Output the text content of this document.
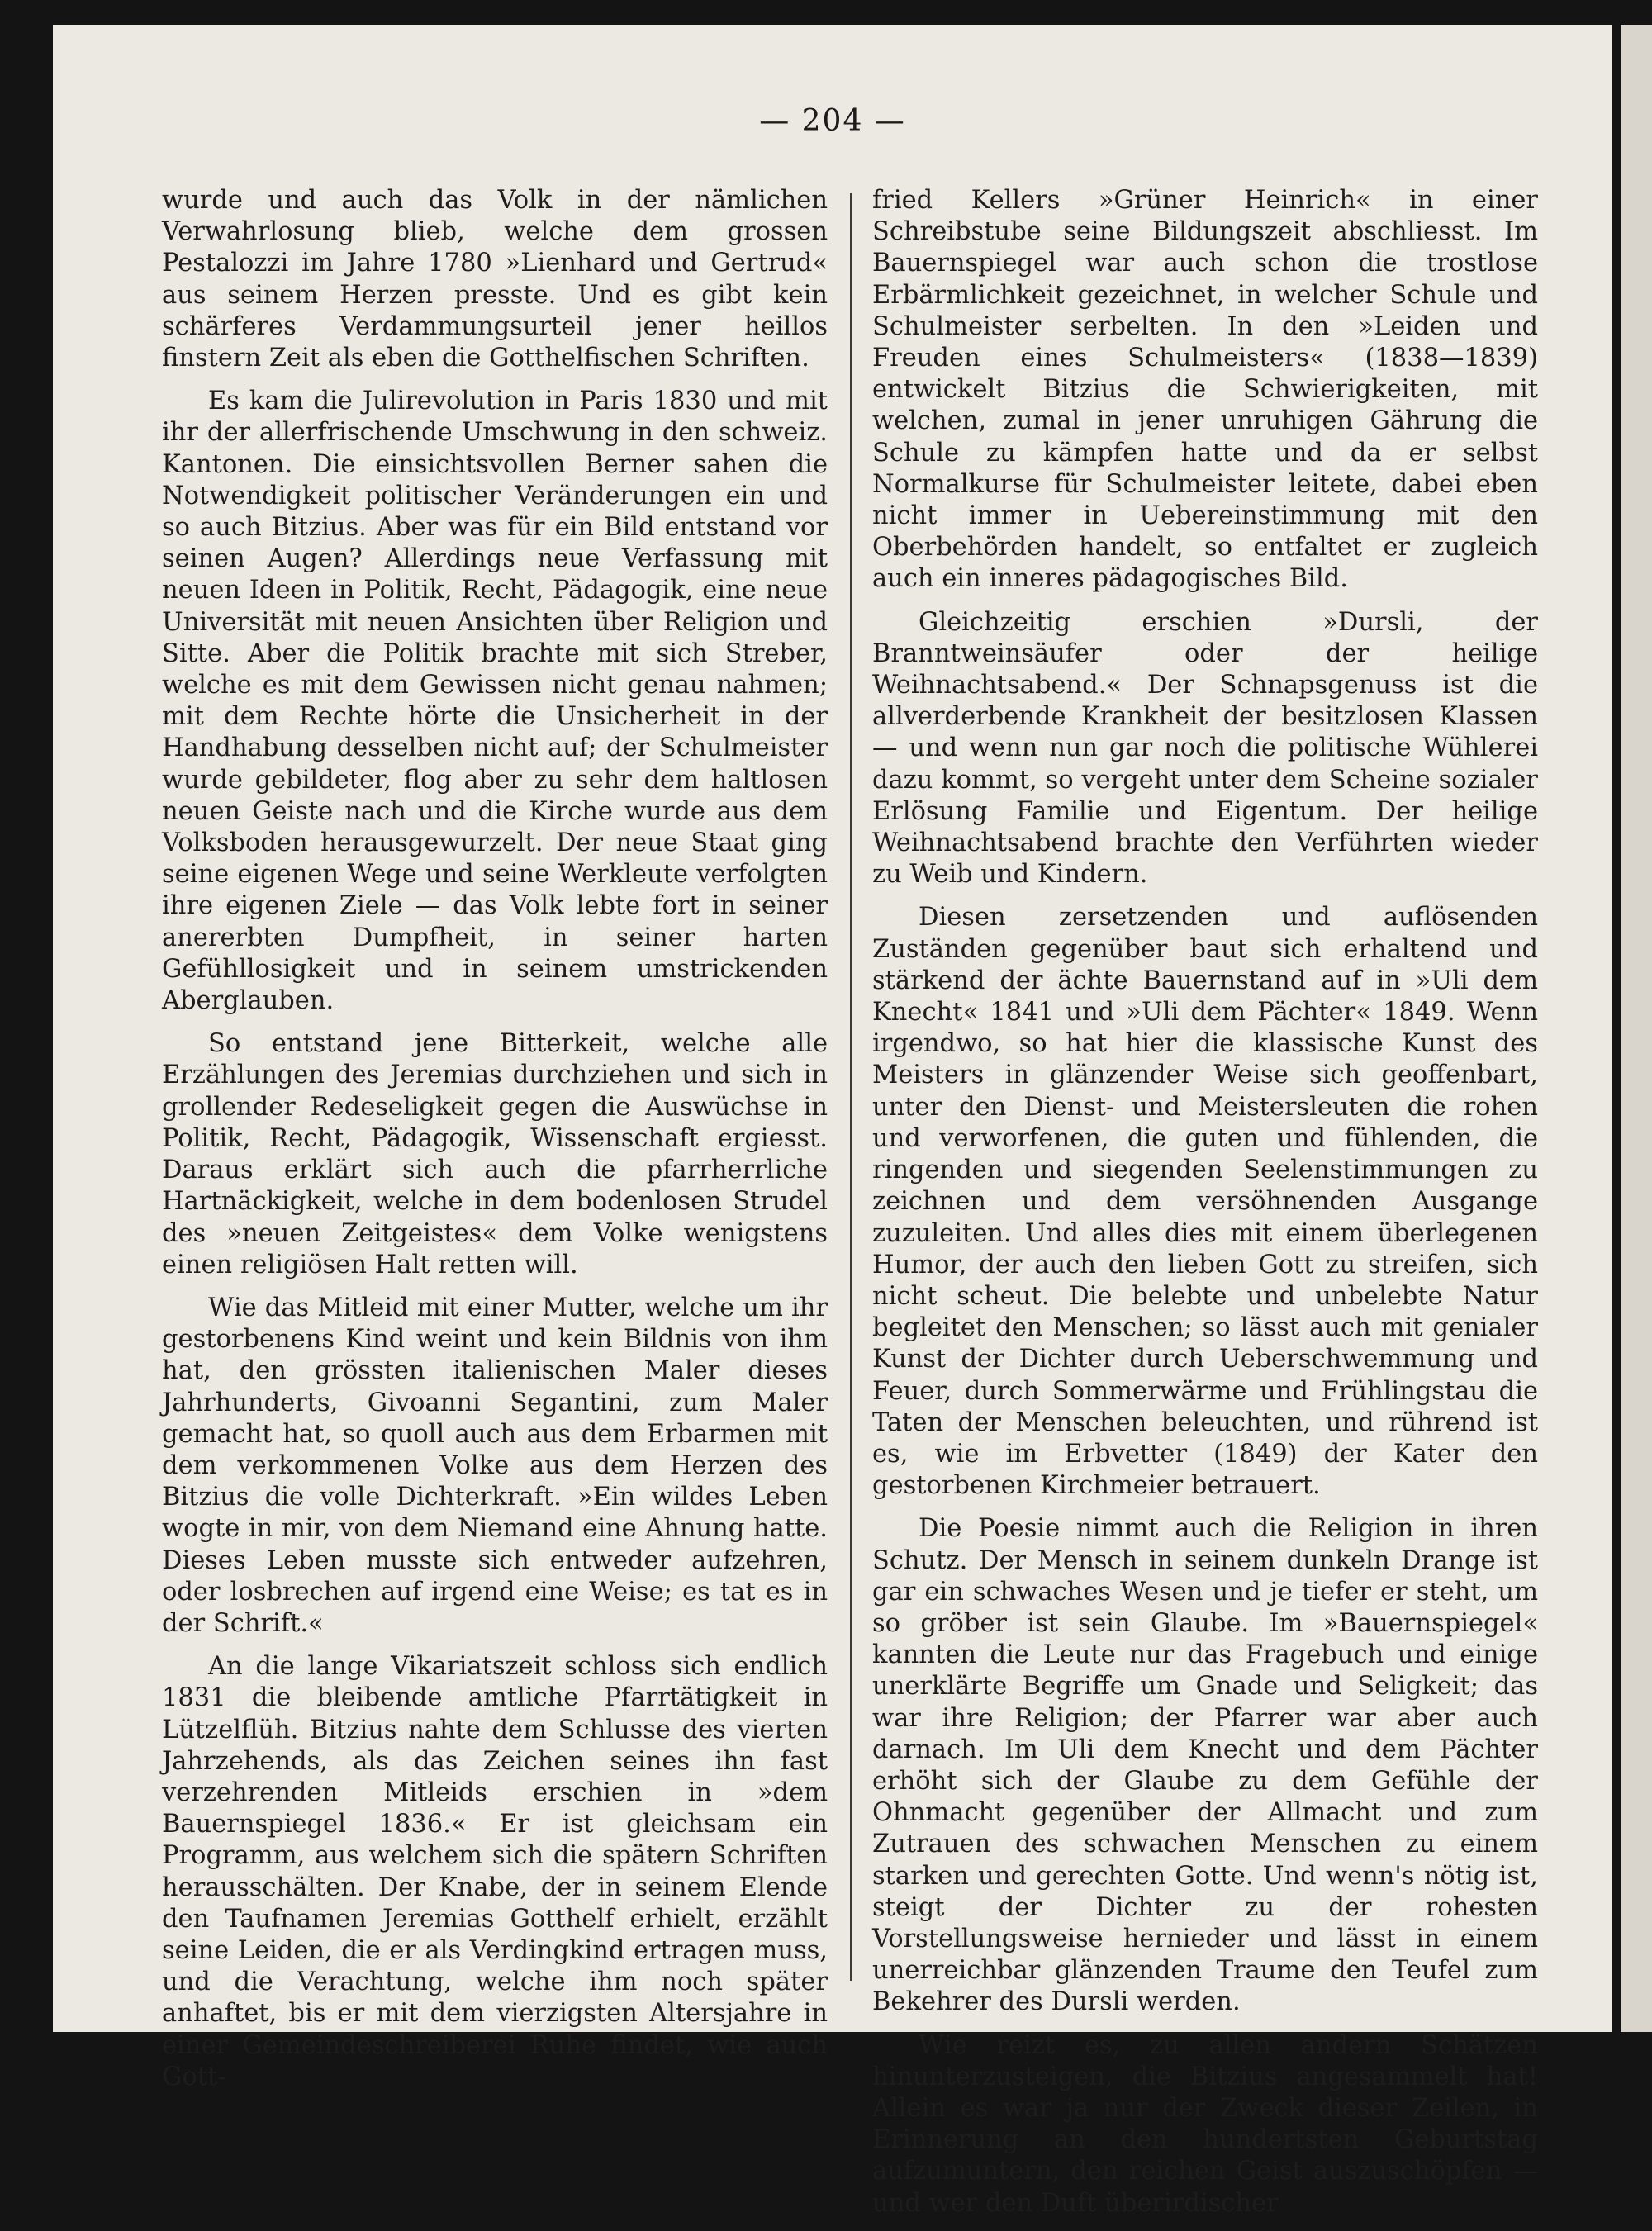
— 204 —

wurde und auch das Volk in der nämlichen Verwahrlosung blieb, welche dem grossen Pestalozzi im Jahre 1780 »Lienhard und Gertrud« aus seinem Herzen presste. Und es gibt kein schärferes Verdammungsurteil jener heillos finstern Zeit als eben die Gotthelfischen Schriften.

Es kam die Julirevolution in Paris 1830 und mit ihr der allerfrischende Umschwung in den schweiz. Kantonen. Die einsichtsvollen Berner sahen die Notwendigkeit politischer Veränderungen ein und so auch Bitzius. Aber was für ein Bild entstand vor seinen Augen? Allerdings neue Verfassung mit neuen Ideen in Politik, Recht, Pädagogik, eine neue Universität mit neuen Ansichten über Religion und Sitte. Aber die Politik brachte mit sich Streber, welche es mit dem Gewissen nicht genau nahmen; mit dem Rechte hörte die Unsicherheit in der Handhabung desselben nicht auf; der Schulmeister wurde gebildeter, flog aber zu sehr dem haltlosen neuen Geiste nach und die Kirche wurde aus dem Volksboden herausgewurzelt. Der neue Staat ging seine eigenen Wege und seine Werkleute verfolgten ihre eigenen Ziele — das Volk lebte fort in seiner anererbten Dumpfheit, in seiner harten Gefühllosigkeit und in seinem umstrickenden Aberglauben.

So entstand jene Bitterkeit, welche alle Erzählungen des Jeremias durchziehen und sich in grollender Redeseligkeit gegen die Auswüchse in Politik, Recht, Pädagogik, Wissenschaft ergiesst. Daraus erklärt sich auch die pfarrherrliche Hartnäckigkeit, welche in dem bodenlosen Strudel des »neuen Zeitgeistes« dem Volke wenigstens einen religiösen Halt retten will.

Wie das Mitleid mit einer Mutter, welche um ihr gestorbenens Kind weint und kein Bildnis von ihm hat, den grössten italienischen Maler dieses Jahrhunderts, Givoanni Segantini, zum Maler gemacht hat, so quoll auch aus dem Erbarmen mit dem verkommenen Volke aus dem Herzen des Bitzius die volle Dichterkraft. »Ein wildes Leben wogte in mir, von dem Niemand eine Ahnung hatte. Dieses Leben musste sich entweder aufzehren, oder losbrechen auf irgend eine Weise; es tat es in der Schrift.«

An die lange Vikariatszeit schloss sich endlich 1831 die bleibende amtliche Pfarrtätigkeit in Lützelflüh. Bitzius nahte dem Schlusse des vierten Jahrzehends, als das Zeichen seines ihn fast verzehrenden Mitleids erschien in »dem Bauernspiegel 1836.« Er ist gleichsam ein Programm, aus welchem sich die spätern Schriften herausschälten. Der Knabe, der in seinem Elende den Taufnamen Jeremias Gotthelf erhielt, erzählt seine Leiden, die er als Verdingkind ertragen muss, und die Verachtung, welche ihm noch später anhaftet, bis er mit dem vierzigsten Altersjahre in einer Gemeindeschreiberei Ruhe findet, wie auch Gott-

fried Kellers »Grüner Heinrich« in einer Schreibstube seine Bildungszeit abschliesst. Im Bauernspiegel war auch schon die trostlose Erbärmlichkeit gezeichnet, in welcher Schule und Schulmeister serbelten. In den »Leiden und Freuden eines Schulmeisters« (1838—1839) entwickelt Bitzius die Schwierigkeiten, mit welchen, zumal in jener unruhigen Gährung die Schule zu kämpfen hatte und da er selbst Normalkurse für Schulmeister leitete, dabei eben nicht immer in Uebereinstimmung mit den Oberbehörden handelt, so entfaltet er zugleich auch ein inneres pädagogisches Bild.

Gleichzeitig erschien »Dursli, der Branntweinsäufer oder der heilige Weihnachtsabend.« Der Schnapsgenuss ist die allverderbende Krankheit der besitzlosen Klassen — und wenn nun gar noch die politische Wühlerei dazu kommt, so vergeht unter dem Scheine sozialer Erlösung Familie und Eigentum. Der heilige Weihnachtsabend brachte den Verführten wieder zu Weib und Kindern.

Diesen zersetzenden und auflösenden Zuständen gegenüber baut sich erhaltend und stärkend der ächte Bauernstand auf in »Uli dem Knecht« 1841 und »Uli dem Pächter« 1849. Wenn irgendwo, so hat hier die klassische Kunst des Meisters in glänzender Weise sich geoffenbart, unter den Dienst- und Meistersleuten die rohen und verworfenen, die guten und fühlenden, die ringenden und siegenden Seelenstimmungen zu zeichnen und dem versöhnenden Ausgange zuzuleiten. Und alles dies mit einem überlegenen Humor, der auch den lieben Gott zu streifen, sich nicht scheut. Die belebte und unbelebte Natur begleitet den Menschen; so lässt auch mit genialer Kunst der Dichter durch Ueberschwemmung und Feuer, durch Sommerwärme und Frühlingstau die Taten der Menschen beleuchten, und rührend ist es, wie im Erbvetter (1849) der Kater den gestorbenen Kirchmeier betrauert.

Die Poesie nimmt auch die Religion in ihren Schutz. Der Mensch in seinem dunkeln Drange ist gar ein schwaches Wesen und je tiefer er steht, um so gröber ist sein Glaube. Im »Bauernspiegel« kannten die Leute nur das Fragebuch und einige unerklärte Begriffe um Gnade und Seligkeit; das war ihre Religion; der Pfarrer war aber auch darnach. Im Uli dem Knecht und dem Pächter erhöht sich der Glaube zu dem Gefühle der Ohnmacht gegenüber der Allmacht und zum Zutrauen des schwachen Menschen zu einem starken und gerechten Gotte. Und wenn's nötig ist, steigt der Dichter zu der rohesten Vorstellungsweise hernieder und lässt in einem unerreichbar glänzenden Traume den Teufel zum Bekehrer des Dursli werden.

Wie reizt es, zu allen andern Schätzen hinunterzusteigen, die Bitzius angesammelt hat! Allein es war ja nur der Zweck dieser Zeilen, in Erinnerung an den hundertsten Geburtstag aufzumuntern, den reichen Geist auszuschöpfen — und wer den Duft überirdischer
